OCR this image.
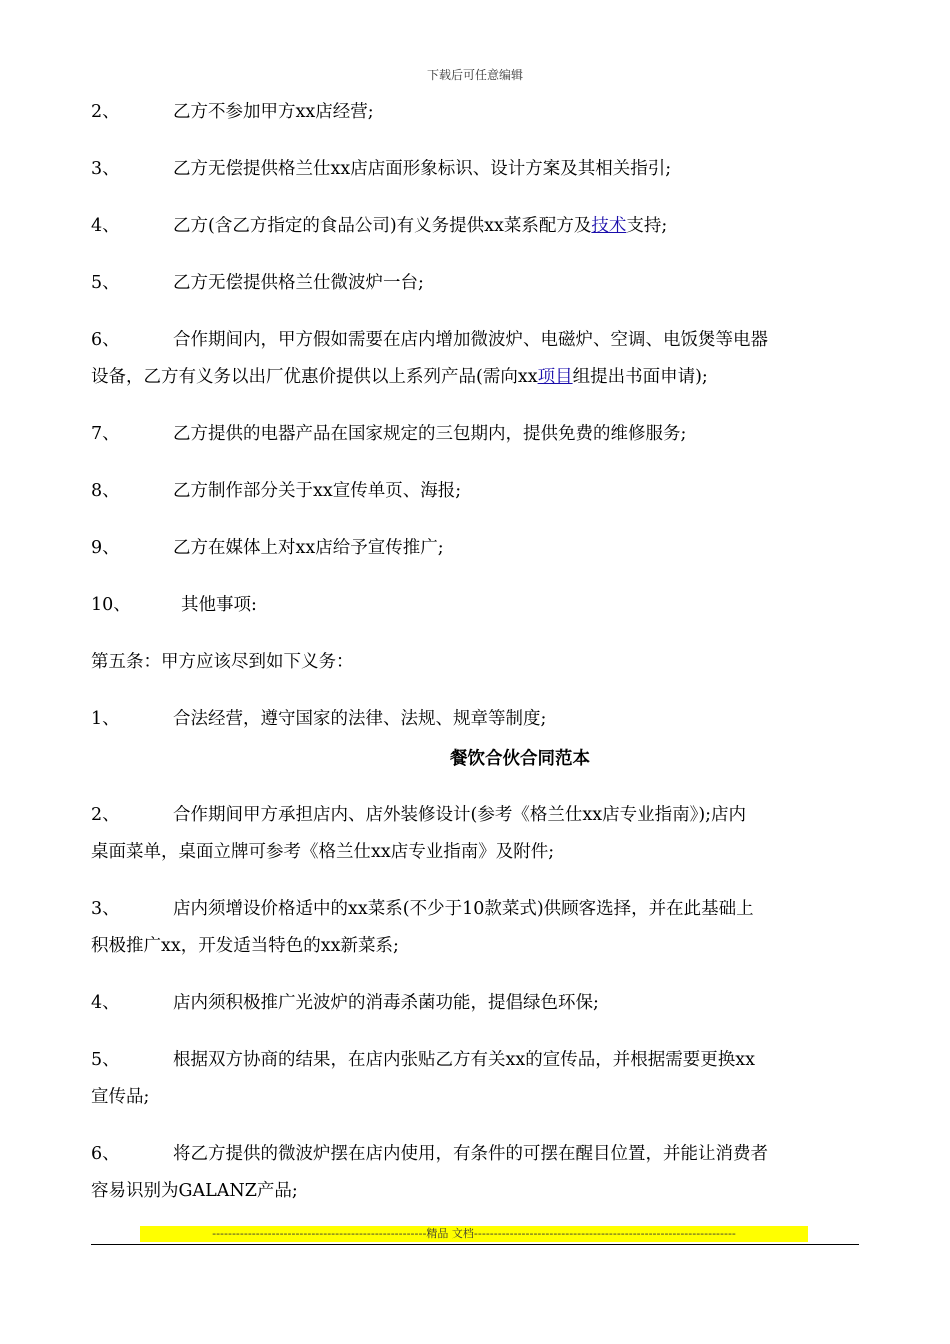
下载后可任意编辑
2、	乙方不参加甲方xx店经营;
3、	乙方无偿提供格兰仕xx店店面形象标识、设计方案及其相关指引;
4、	乙方(含乙方指定的食品公司)有义务提供xx菜系配方及技术支持;
5、	乙方无偿提供格兰仕微波炉一台;
6、	合作期间内，甲方假如需要在店内增加微波炉、电磁炉、空调、电饭煲等电器
设备，乙方有义务以出厂优惠价提供以上系列产品(需向xx项目组提出书面申请);
7、	乙方提供的电器产品在国家规定的三包期内，提供免费的维修服务;
8、	乙方制作部分关于xx宣传单页、海报;
9、	乙方在媒体上对xx店给予宣传推广;
10、	其他事项:
第五条：甲方应该尽到如下义务：
1、	合法经营，遵守国家的法律、法规、规章等制度;
餐饮合伙合同范本
2、	合作期间甲方承担店内、店外装修设计(参考《格兰仕xx店专业指南》);店内
桌面菜单，桌面立牌可参考《格兰仕xx店专业指南》及附件;
3、	店内须增设价格适中的xx菜系(不少于10款菜式)供顾客选择，并在此基础上
积极推广xx，开发适当特色的xx新菜系;
4、	店内须积极推广光波炉的消毒杀菌功能，提倡绿色环保;
5、	根据双方协商的结果，在店内张贴乙方有关xx的宣传品，并根据需要更换xx
宣传品;
6、	将乙方提供的微波炉摆在店内使用，有条件的可摆在醒目位置，并能让消费者
容易识别为GALANZ产品;
------------------------------------------------------精品 文档------------------------------------------------------------------
